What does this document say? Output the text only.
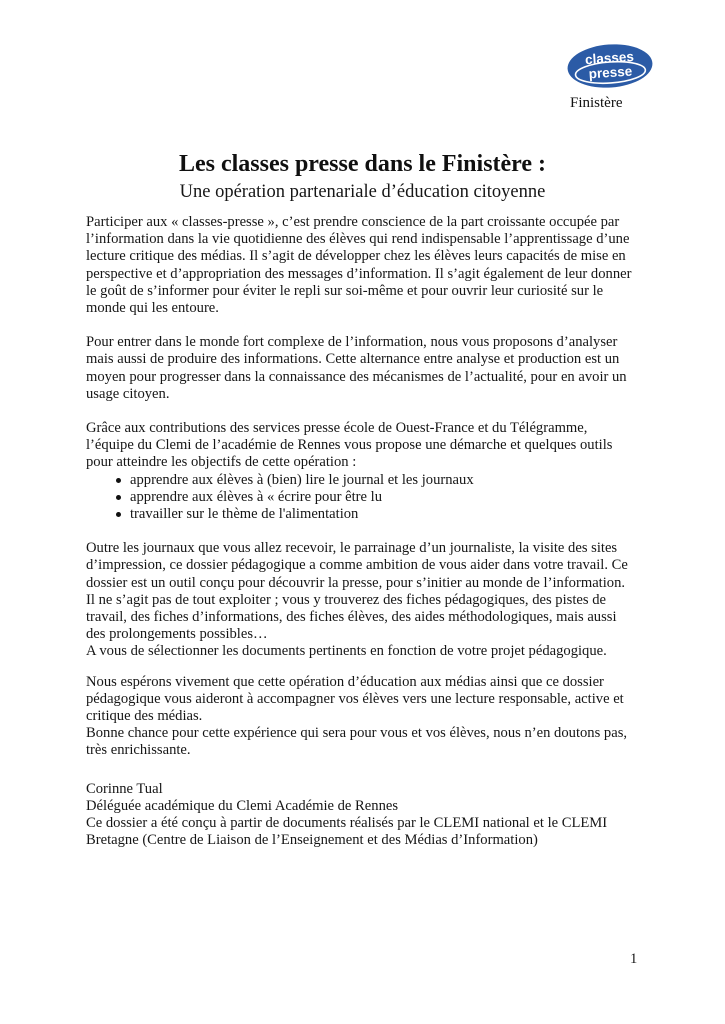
classes
presse
Finistère
Les classes presse dans le Finistère :
Une opération partenariale d’éducation citoyenne
Participer aux « classes-presse », c’est prendre conscience de la part croissante occupée par
l’information dans la vie quotidienne des élèves qui rend indispensable l’apprentissage d’une
lecture critique des médias. Il s’agit de développer chez les élèves leurs capacités de mise en
perspective et d’appropriation des messages d’information. Il s’agit également de leur donner
le goût de s’informer pour éviter le repli sur soi-même et pour ouvrir leur curiosité sur le
monde qui les entoure.
Pour entrer dans le monde fort complexe de l’information, nous vous proposons d’analyser
mais aussi de produire des informations. Cette alternance entre analyse et production est un
moyen pour progresser dans la connaissance des mécanismes de l’actualité, pour en avoir un
usage citoyen.
Grâce aux contributions des services presse école de Ouest-France et du Télégramme,
l’équipe du Clemi de l’académie de Rennes vous propose une démarche et quelques outils
pour atteindre les objectifs de cette opération :
apprendre aux élèves à (bien) lire le journal et les journaux
apprendre aux élèves à « écrire pour être lu
travailler sur le thème de l'alimentation
Outre les journaux que vous allez recevoir, le parrainage d’un journaliste, la visite des sites
d’impression, ce dossier pédagogique a comme ambition de vous aider dans votre travail. Ce
dossier est un outil conçu pour découvrir la presse, pour s’initier au monde de l’information.
Il ne s’agit pas de tout exploiter ; vous y trouverez des fiches pédagogiques, des pistes de
travail, des fiches d’informations, des fiches élèves, des aides méthodologiques, mais aussi
des prolongements possibles…
A vous de sélectionner les documents pertinents en fonction de votre projet pédagogique.
Nous espérons vivement que cette opération d’éducation aux médias ainsi que ce dossier
pédagogique vous aideront à accompagner vos élèves vers une lecture responsable, active et
critique des médias.
Bonne chance pour cette expérience qui sera pour vous et vos élèves, nous n’en doutons pas,
très enrichissante.
Corinne Tual
Déléguée académique du Clemi Académie de Rennes
Ce dossier a été conçu à partir de documents réalisés par le CLEMI national et le CLEMI
Bretagne (Centre de Liaison de l’Enseignement et des Médias d’Information)
1
